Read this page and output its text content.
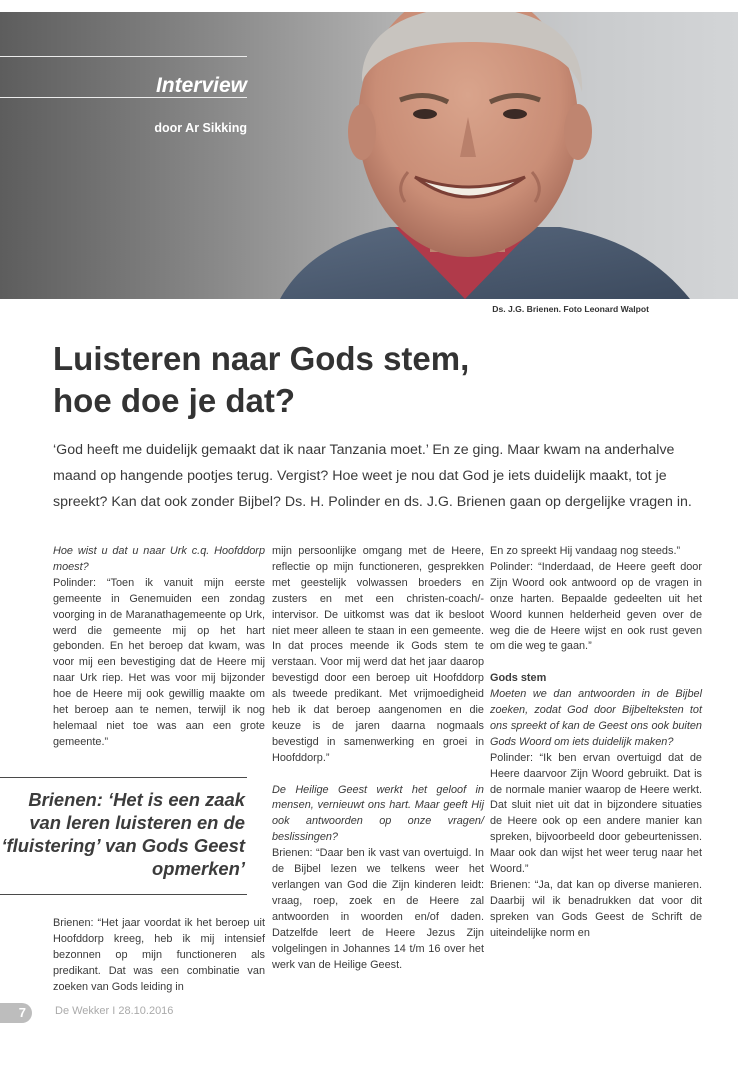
Interview
door Ar Sikking
Ds. J.G. Brienen. Foto Leonard Walpot
Luisteren naar Gods stem,
hoe doe je dat?

‘God heeft me duidelijk gemaakt dat ik naar Tanzania moet.’ En ze ging. Maar kwam na anderhalve maand op hangende pootjes terug. Vergist? Hoe weet je nou dat God je iets duidelijk maakt, tot je spreekt? Kan dat ook zonder Bijbel? Ds. H. Polinder en ds. J.G. Brienen gaan op dergelijke vragen in.

Hoe wist u dat u naar Urk c.q. Hoofddorp moest?

Polinder: “Toen ik vanuit mijn eerste gemeente in Genemuiden een zondag voorging in de Maranathagemeente op Urk, werd die gemeente mij op het hart gebonden. En het beroep dat kwam, was voor mij een bevestiging dat de Heere mij naar Urk riep. Het was voor mij bijzonder hoe de Heere mij ook gewillig maakte om het beroep aan te nemen, terwijl ik nog helemaal niet toe was aan een grote gemeente.”

Brienen: ‘Het is een zaak van leren luisteren en de ‘fluistering’ van Gods Geest opmerken’

Brienen: “Het jaar voordat ik het beroep uit Hoofddorp kreeg, heb ik mij intensief bezonnen op mijn functioneren als predikant. Dat was een combinatie van zoeken van Gods leiding in

mijn persoonlijke omgang met de Heere, reflectie op mijn functioneren, gesprekken met geestelijk volwassen broeders en zusters en met een christen-coach/-intervisor. De uitkomst was dat ik besloot niet meer alleen te staan in een gemeente. In dat proces meende ik Gods stem te verstaan. Voor mij werd dat het jaar daarop bevestigd door een beroep uit Hoofddorp als tweede predikant. Met vrijmoedigheid heb ik dat beroep aangenomen en die keuze is de jaren daarna nogmaals bevestigd in samenwerking en groei in Hoofddorp.”

De Heilige Geest werkt het geloof in mensen, vernieuwt ons hart. Maar geeft Hij ook antwoorden op onze vragen/ beslissingen?

Brienen: “Daar ben ik vast van overtuigd. In de Bijbel lezen we telkens weer het verlangen van God die Zijn kinderen leidt: vraag, roep, zoek en de Heere zal antwoorden in woorden en/of daden. Datzelfde leert de Heere Jezus Zijn volgelingen in Johannes 14 t/m 16 over het werk van de Heilige Geest.

En zo spreekt Hij vandaag nog steeds.”

Polinder: “Inderdaad, de Heere geeft door Zijn Woord ook antwoord op de vragen in onze harten. Bepaalde gedeelten uit het Woord kunnen helderheid geven over de weg die de Heere wijst en ook rust geven om die weg te gaan.”

Gods stem

Moeten we dan antwoorden in de Bijbel zoeken, zodat God door Bijbelteksten tot ons spreekt of kan de Geest ons ook buiten Gods Woord om iets duidelijk maken?

Polinder: “Ik ben ervan overtuigd dat de Heere daarvoor Zijn Woord gebruikt. Dat is de normale manier waarop de Heere werkt. Dat sluit niet uit dat in bijzondere situaties de Heere ook op een andere manier kan spreken, bijvoorbeeld door gebeurtenissen. Maar ook dan wijst het weer terug naar het Woord.”

Brienen: “Ja, dat kan op diverse manieren. Daarbij wil ik benadrukken dat voor dit spreken van Gods Geest de Schrift de uiteindelijke norm en

7	De Wekker I 28.10.2016
